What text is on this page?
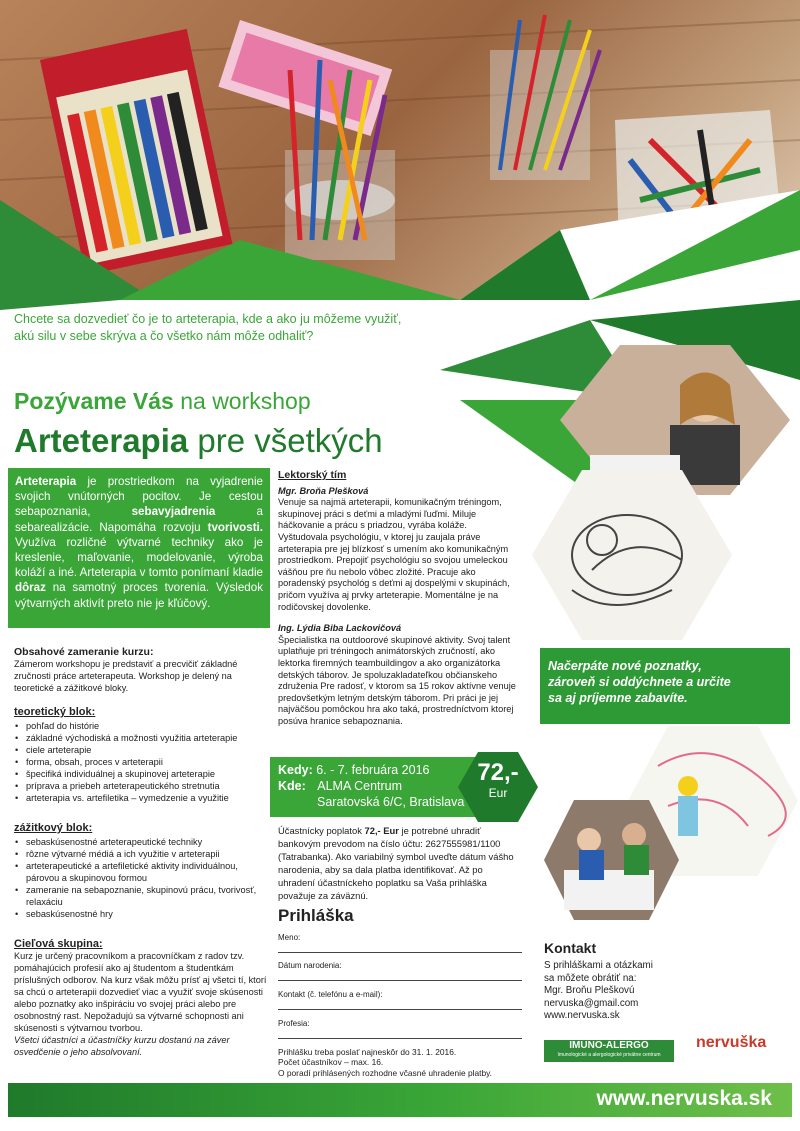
Chcete sa dozvedieť čo je to arteterapia, kde a ako ju môžeme využiť,
akú silu v sebe skrýva a čo všetko nám môže odhaliť?
Pozývame Vás na workshop
Arteterapia pre všetkých
Arteterapia je prostriedkom na vyjadrenie svojich vnútorných pocitov. Je cestou sebapoznania,	sebavyjadrenia a sebarealizácie. Napomáha rozvoju tvorivosti. Využíva rozličné výtvarné techniky ako je kreslenie, maľovanie, modelovanie, výroba koláží a iné. Arteterapia v tomto ponímaní kladie dôraz na samotný proces tvorenia. Výsledok výtvarných aktivít preto nie je kľúčový.
Obsahové zameranie kurzu:
Zámerom workshopu je predstaviť a precvičiť základné zručnosti práce arteterapeuta. Workshop je delený na teoretické a zážitkové bloky.
teoretický blok:
• pohľad do histórie
• základné východiská a možnosti využitia arteterapie
• ciele arteterapie
• forma, obsah, proces v arteterapii
• špecifiká individuálnej a skupinovej arteterapie
• príprava a priebeh arteterapeutického stretnutia
• arteterapia vs. artefiletika – vymedzenie a využitie
zážitkový blok:
• sebaskúsenostné arteterapeutické techniky
• rôzne výtvarné médiá a ich využitie v arteterapii
• arteterapeutické a artefiletické aktivity individuálnou, párovou a skupinovou formou
• zameranie na sebapoznanie, skupinovú prácu, tvorivosť, relaxáciu
• sebaskúsenostné hry
Cieľová skupina:
Kurz je určený pracovníkom a pracovníčkam z radov tzv. pomáhajúcich profesií ako aj študentom a študentkám príslušných odborov. Na kurz však môžu prísť aj všetci tí, ktorí sa chcú o arteterapii dozvedieť viac a využiť svoje skúsenosti alebo poznatky ako inšpiráciu vo svojej práci alebo pre osobnostný rast. Nepožadujú sa výtvarné schopnosti ani skúsenosti s výtvarnou tvorbou.
Všetci účastníci a účastníčky kurzu dostanú na záver osvedčenie o jeho absolvovaní.
Lektorský tím
Mgr. Broňa Plešková
Venuje sa najmä arteterapii, komunikačným tréningom, skupinovej práci s deťmi a mladými ľuďmi. Miluje háčkovanie a prácu s priadzou, vyrába koláže. Vyštudovala psychológiu, v ktorej ju zaujala práve arteterapia pre jej blízkosť s umením ako komunikačným prostriedkom. Prepojiť psychológiu so svojou umeleckou vášňou pre ňu nebolo vôbec zložité. Pracuje ako poradenský psychológ s deťmi aj dospelými v skupinách, pričom využíva aj prvky arteterapie. Momentálne je na rodičovskej dovolenke.
Ing. Lýdia Biba Lackovičová
Špecialistka na outdoorové skupinové aktivity. Svoj talent uplatňuje pri tréningoch animátorských zručností, ako lektorka firemných teambuildingov a ako organizátorka detských táborov. Je spoluzakladateľkou občianskeho združenia Pre radosť, v ktorom sa 15 rokov aktívne venuje predovšetkým letným detským táborom. Pri práci je jej najväčšou pomôckou hra ako taká, prostredníctvom ktorej posúva hranice sebapoznania.
Kedy: 6. - 7. februára 2016
Kde: ALMA Centrum
Saratovská 6/C, Bratislava
72,-
Eur
Účastnícky poplatok 72,- Eur je potrebné uhradiť bankovým prevodom na číslo účtu: 2627555981/1100 (Tatrabanka). Ako variabilný symbol uveďte dátum vášho narodenia, aby sa dala platba identifikovať. Až po uhradení účastníckeho poplatku sa Vaša prihláška považuje za záväznú.
Prihláška
Meno:
Dátum narodenia:
Kontakt (č. telefónu a e-mail):
Profesia:
Prihlášku treba poslať najneskôr do 31. 1. 2016.
Počet účastníkov – max. 16.
O poradí prihlásených rozhodne včasné uhradenie platby.
Načerpáte nové poznatky,
zároveň si oddýchnete a určite
sa aj príjemne zabavíte.
Kontakt
S prihláškami a otázkami
sa môžete obrátiť na:
Mgr. Broňu Pleškovú
nervuska@gmail.com
www.nervuska.sk
IMUNO-ALERGO
Imunologické a alergologické privátne centrum
nervuška
www.nervuska.sk
